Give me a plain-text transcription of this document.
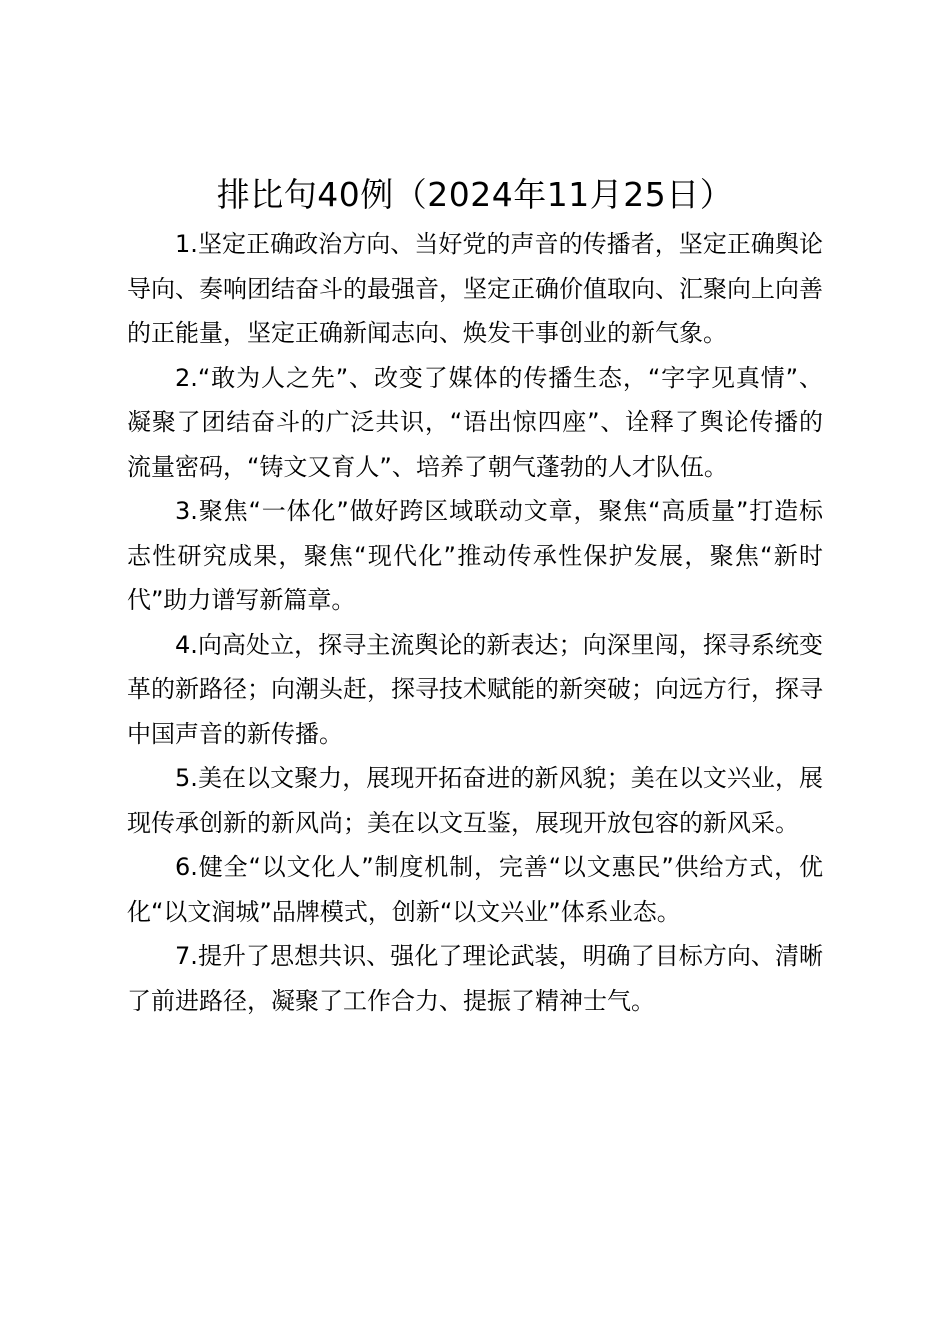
排比句40例（2024年11月25日）

1.坚定正确政治方向、当好党的声音的传播者，坚定正确舆论导向、奏响团结奋斗的最强音，坚定正确价值取向、汇聚向上向善的正能量，坚定正确新闻志向、焕发干事创业的新气象。

2.“敢为人之先”、改变了媒体的传播生态，“字字见真情”、凝聚了团结奋斗的广泛共识，“语出惊四座”、诠释了舆论传播的流量密码，“铸文又育人”、培养了朝气蓬勃的人才队伍。

3.聚焦“一体化”做好跨区域联动文章，聚焦“高质量”打造标志性研究成果，聚焦“现代化”推动传承性保护发展，聚焦“新时代”助力谱写新篇章。

4.向高处立，探寻主流舆论的新表达；向深里闯，探寻系统变革的新路径；向潮头赶，探寻技术赋能的新突破；向远方行，探寻中国声音的新传播。

5.美在以文聚力，展现开拓奋进的新风貌；美在以文兴业，展现传承创新的新风尚；美在以文互鉴，展现开放包容的新风采。

6.健全“以文化人”制度机制，完善“以文惠民”供给方式，优化“以文润城”品牌模式，创新“以文兴业”体系业态。

7.提升了思想共识、强化了理论武装，明确了目标方向、清晰了前进路径，凝聚了工作合力、提振了精神士气。
